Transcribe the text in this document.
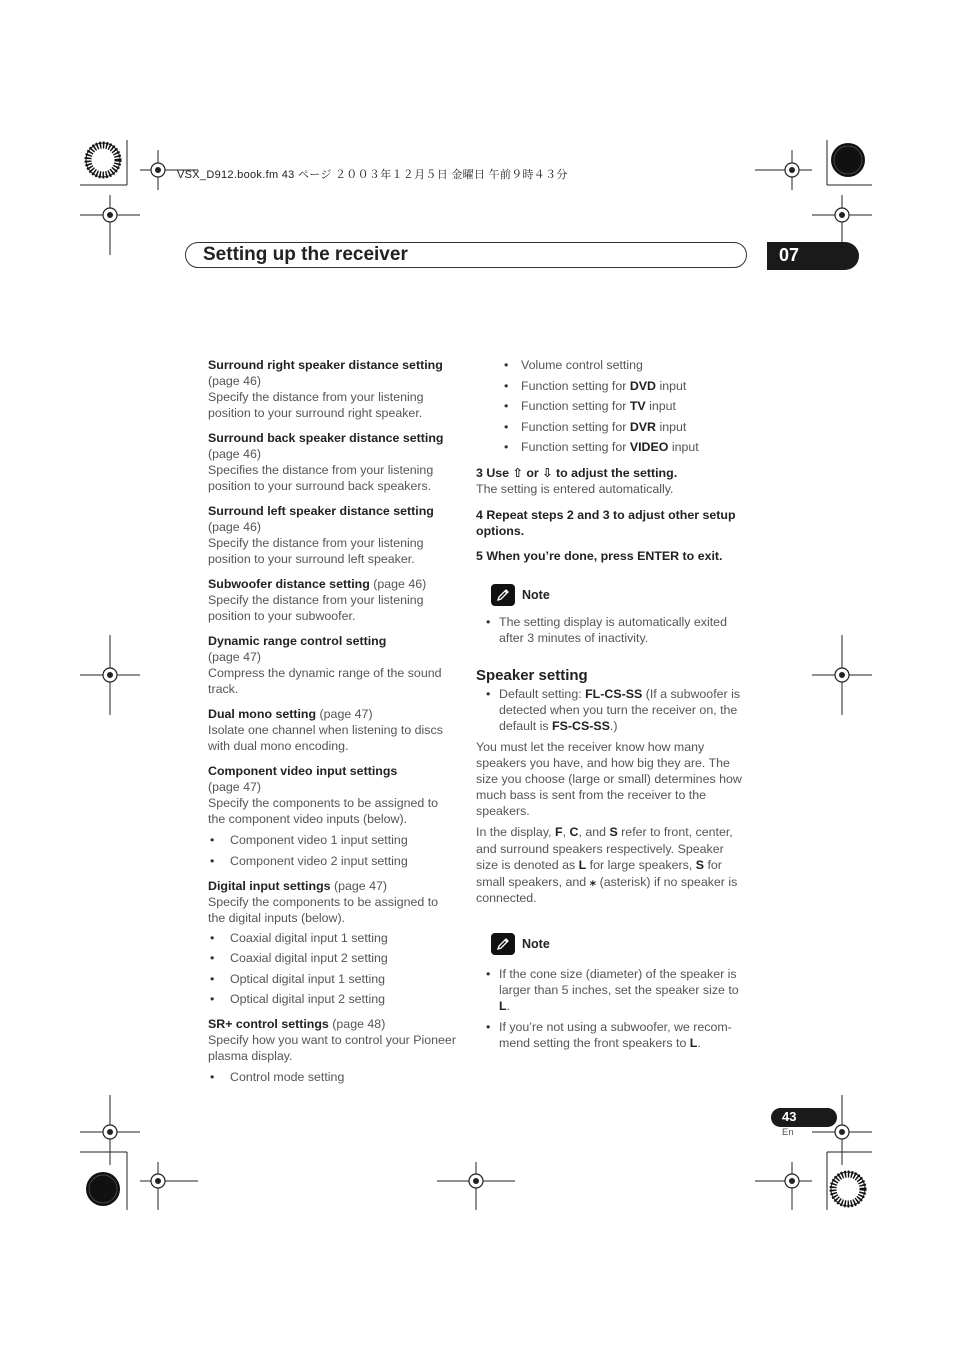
VSX_D912.book.fm 43 ページ ２００３年１２月５日 金曜日 午前９時４３分
Setting up the receiver	07
Surround right speaker distance setting (page 46)
Specify the distance from your listening position to your surround right speaker.
Surround back speaker distance setting (page 46)
Specifies the distance from your listening position to your surround back speakers.
Surround left speaker distance setting (page 46)
Specify the distance from your listening position to your surround left speaker.
Subwoofer distance setting (page 46)
Specify the distance from your listening position to your subwoofer.
Dynamic range control setting
(page 47)
Compress the dynamic range of the sound track.
Dual mono setting (page 47)
Isolate one channel when listening to discs with dual mono encoding.
Component video input settings
(page 47)
Specify the components to be assigned to the component video inputs (below).
• Component video 1 input setting
• Component video 2 input setting
Digital input settings (page 47)
Specify the components to be assigned to the digital inputs (below).
• Coaxial digital input 1 setting
• Coaxial digital input 2 setting
• Optical digital input 1 setting
• Optical digital input 2 setting
SR+ control settings (page 48)
Specify how you want to control your Pioneer plasma display.
• Control mode setting
• Volume control setting
• Function setting for DVD input
• Function setting for TV input
• Function setting for DVR input
• Function setting for VIDEO input
3 Use ⇧ or ⇩ to adjust the setting.
The setting is entered automatically.
4 Repeat steps 2 and 3 to adjust other setup options.
5 When you’re done, press ENTER to exit.
Note
• The setting display is automatically exited after 3 minutes of inactivity.
Speaker setting
• Default setting: FL-CS-SS (If a subwoofer is detected when you turn the receiver on, the default is FS-CS-SS.)
You must let the receiver know how many speakers you have, and how big they are. The size you choose (large or small) determines how much bass is sent from the receiver to the speakers.
In the display, F, C, and S refer to front, center, and surround speakers respectively. Speaker size is denoted as L for large speakers, S for small speakers, and ⁎ (asterisk) if no speaker is connected.
Note
• If the cone size (diameter) of the speaker is larger than 5 inches, set the speaker size to L.
• If you’re not using a subwoofer, we recom-mend setting the front speakers to L.
43
En
